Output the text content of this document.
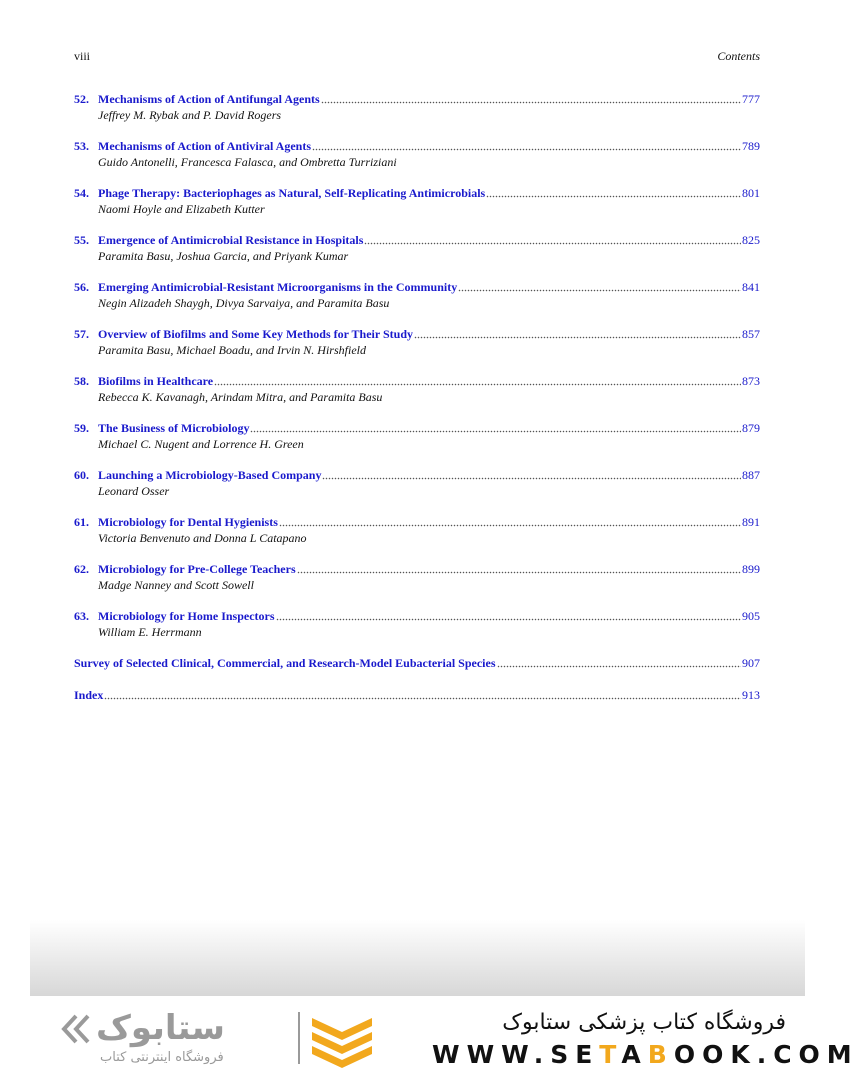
viii	Contents
52. Mechanisms of Action of Antifungal Agents	777
Jeffrey M. Rybak and P. David Rogers
53. Mechanisms of Action of Antiviral Agents	789
Guido Antonelli, Francesca Falasca, and Ombretta Turriziani
54. Phage Therapy: Bacteriophages as Natural, Self-Replicating Antimicrobials	801
Naomi Hoyle and Elizabeth Kutter
55. Emergence of Antimicrobial Resistance in Hospitals	825
Paramita Basu, Joshua Garcia, and Priyank Kumar
56. Emerging Antimicrobial-Resistant Microorganisms in the Community	841
Negin Alizadeh Shaygh, Divya Sarvaiya, and Paramita Basu
57. Overview of Biofilms and Some Key Methods for Their Study	857
Paramita Basu, Michael Boadu, and Irvin N. Hirshfield
58. Biofilms in Healthcare	873
Rebecca K. Kavanagh, Arindam Mitra, and Paramita Basu
59. The Business of Microbiology	879
Michael C. Nugent and Lorrence H. Green
60. Launching a Microbiology-Based Company	887
Leonard Osser
61. Microbiology for Dental Hygienists	891
Victoria Benvenuto and Donna L Catapano
62. Microbiology for Pre-College Teachers	899
Madge Nanney and Scott Sowell
63. Microbiology for Home Inspectors	905
William E. Herrmann
Survey of Selected Clinical, Commercial, and Research-Model Eubacterial Species	907
Index	913
ستابوک
فروشگاه اینترنتی کتاب
فروشگاه کتاب پزشکی ستابوک
WWW.SETABOOK.COM
